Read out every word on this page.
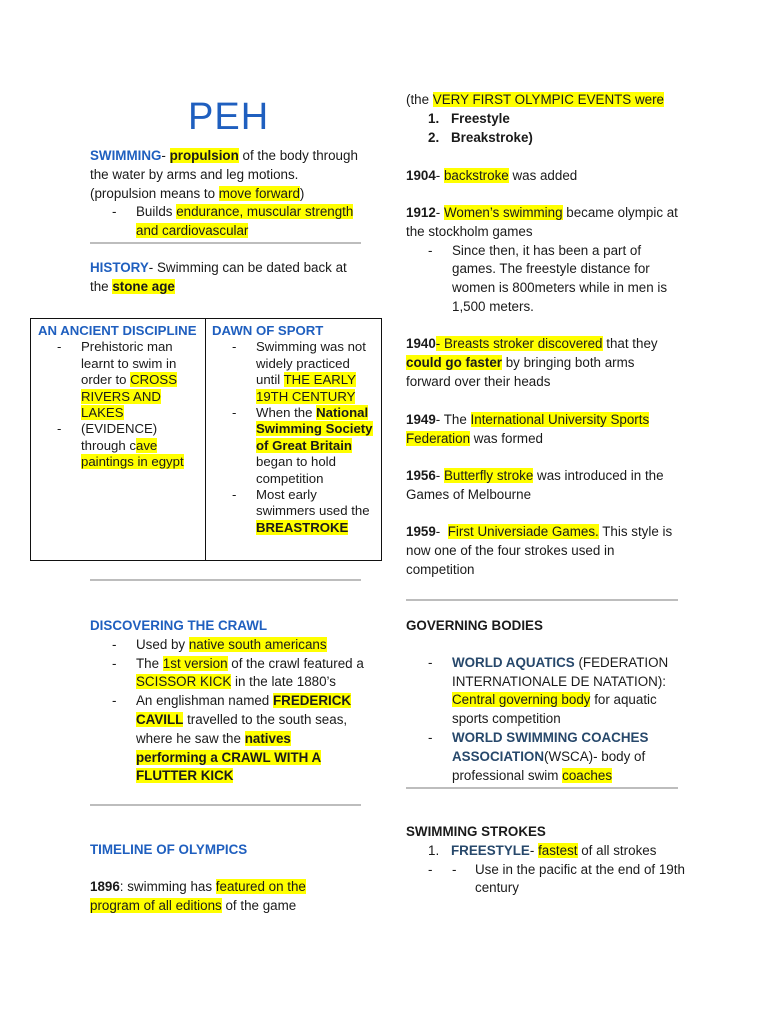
PEH

SWIMMING- propulsion of the body through the water by arms and leg motions. (propulsion means to move forward)

- Builds endurance, muscular strength and cardiovascular

HISTORY- Swimming can be dated back at the stone age

AN ANCIENT DISCIPLINE
- Prehistoric man learnt to swim in order to CROSS RIVERS AND LAKES
- (EVIDENCE) through cave paintings in egypt
DAWN OF SPORT
- Swimming was not widely practiced until THE EARLY 19TH CENTURY
- When the National Swimming Society of Great Britain began to hold competition
- Most early swimmers used the BREASTROKE
DISCOVERING THE CRAWL
- Used by native south americans
- The 1st version of the crawl featured a SCISSOR KICK in the late 1880’s
- An englishman named FREDERICK CAVILL travelled to the south seas, where he saw the natives performing a CRAWL WITH A FLUTTER KICK
TIMELINE OF OLYMPICS

1896: swimming has featured on the program of all editions of the game

(the VERY FIRST OLYMPIC EVENTS were

1. Freestyle
2. Breakstroke)

1904- backstroke was added

1912- Women’s swimming became olympic at the stockholm games

- Since then, it has been a part of games. The freestyle distance for women is 800meters while in men is 1,500 meters.

1940- Breasts stroker discovered that they could go faster by bringing both arms forward over their heads

1949- The International University Sports Federation was formed

1956- Butterfly stroke was introduced in the Games of Melbourne

1959-  First Universiade Games. This style is now one of the four strokes used in competition

GOVERNING BODIES
- WORLD AQUATICS (FEDERATION INTERNATIONALE DE NATATION): Central governing body for aquatic sports competition
- WORLD SWIMMING COACHES ASSOCIATION(WSCA)- body of professional swim coaches
SWIMMING STROKES
1. FREESTYLE- fastest of all strokes
- - Use in the pacific at the end of 19th century
